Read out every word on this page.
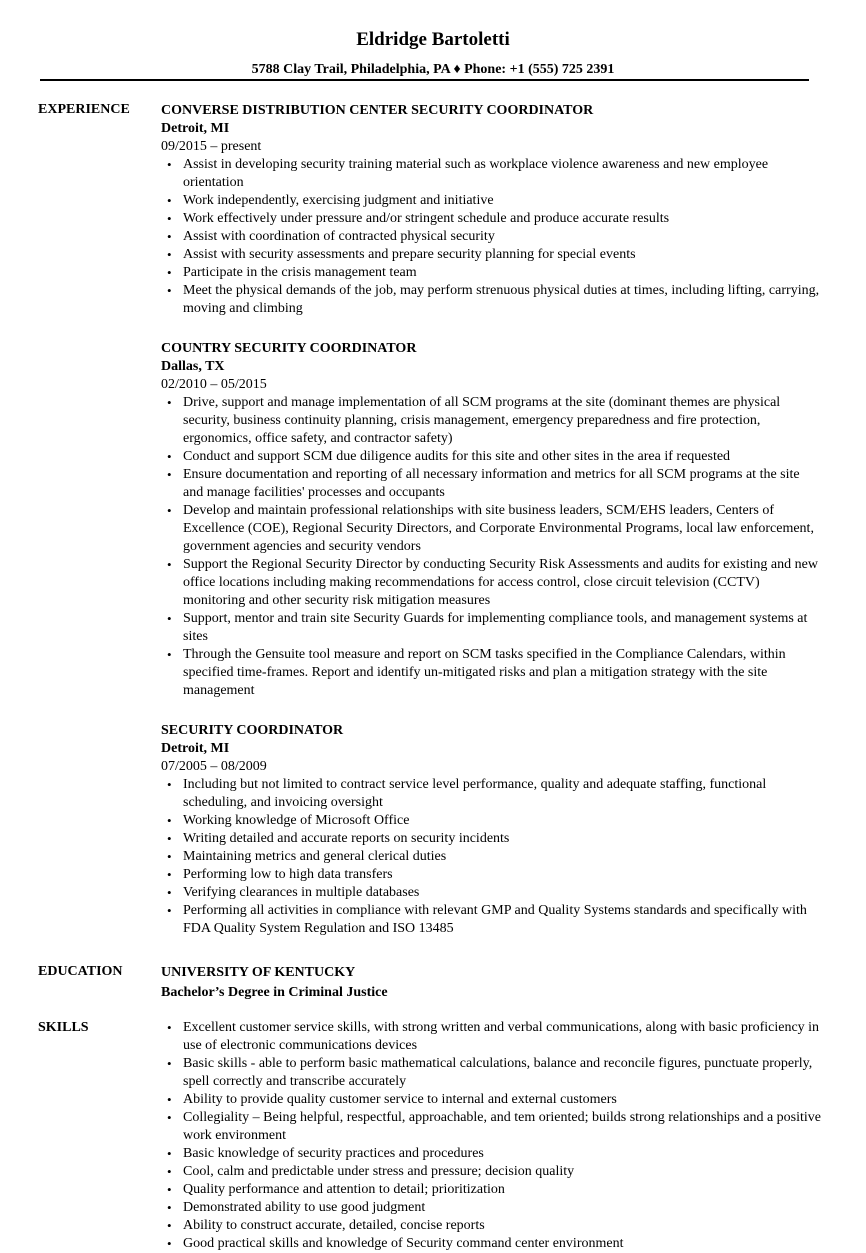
Eldridge Bartoletti
5788 Clay Trail, Philadelphia, PA ♦ Phone: +1 (555) 725 2391
EXPERIENCE CONVERSE DISTRIBUTION CENTER SECURITY COORDINATOR
Detroit, MI
09/2015 – present
• Assist in developing security training material such as workplace violence awareness and new employee orientation
• Work independently, exercising judgment and initiative
• Work effectively under pressure and/or stringent schedule and produce accurate results
• Assist with coordination of contracted physical security
• Assist with security assessments and prepare security planning for special events
• Participate in the crisis management team
• Meet the physical demands of the job, may perform strenuous physical duties at times, including lifting, carrying, moving and climbing
COUNTRY SECURITY COORDINATOR
Dallas, TX
02/2010 – 05/2015
• Drive, support and manage implementation of all SCM programs at the site (dominant themes are physical security, business continuity planning, crisis management, emergency preparedness and fire protection, ergonomics, office safety, and contractor safety)
• Conduct and support SCM due diligence audits for this site and other sites in the area if requested
• Ensure documentation and reporting of all necessary information and metrics for all SCM programs at the site and manage facilities' processes and occupants
• Develop and maintain professional relationships with site business leaders, SCM/EHS leaders, Centers of Excellence (COE), Regional Security Directors, and Corporate Environmental Programs, local law enforcement, government agencies and security vendors
• Support the Regional Security Director by conducting Security Risk Assessments and audits for existing and new office locations including making recommendations for access control, close circuit television (CCTV) monitoring and other security risk mitigation measures
• Support, mentor and train site Security Guards for implementing compliance tools, and management systems at sites
• Through the Gensuite tool measure and report on SCM tasks specified in the Compliance Calendars, within specified time-frames. Report and identify un-mitigated risks and plan a mitigation strategy with the site management
SECURITY COORDINATOR
Detroit, MI
07/2005 – 08/2009
• Including but not limited to contract service level performance, quality and adequate staffing, functional scheduling, and invoicing oversight
• Working knowledge of Microsoft Office
• Writing detailed and accurate reports on security incidents
• Maintaining metrics and general clerical duties
• Performing low to high data transfers
• Verifying clearances in multiple databases
• Performing all activities in compliance with relevant GMP and Quality Systems standards and specifically with FDA Quality System Regulation and ISO 13485
EDUCATION	UNIVERSITY OF KENTUCKY
Bachelor’s Degree in Criminal Justice
SKILLS
•	Excellent customer service skills, with strong written and verbal communications, along with basic proficiency in use of electronic communications devices
• Basic skills - able to perform basic mathematical calculations, balance and reconcile figures, punctuate properly, spell correctly and transcribe accurately
• Ability to provide quality customer service to internal and external customers
• Collegiality – Being helpful, respectful, approachable, and tem oriented; builds strong relationships and a positive work environment
• Basic knowledge of security practices and procedures
• Cool, calm and predictable under stress and pressure; decision quality
• Quality performance and attention to detail; prioritization
• Demonstrated ability to use good judgment
• Ability to construct accurate, detailed, concise reports
• Good practical skills and knowledge of Security command center environment
